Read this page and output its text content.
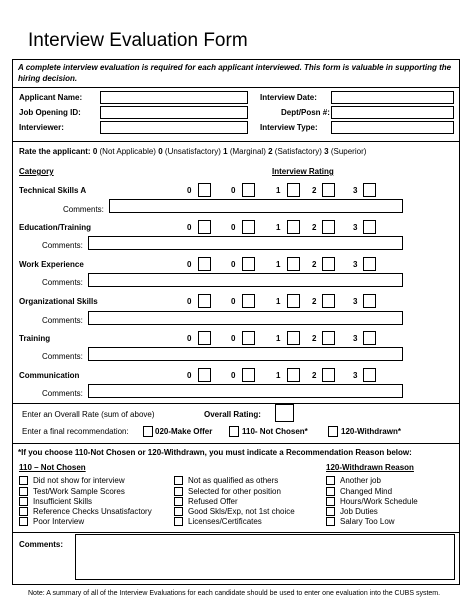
Interview Evaluation Form
A complete interview evaluation is required for each applicant interviewed. This form is valuable in supporting the hiring decision.
Applicant Name:
Job Opening ID:
Interviewer:
Interview Date:
Dept/Posn #:
Interview Type:
Rate the applicant: 0 (Not Applicable) 0 (Unsatisfactory) 1 (Marginal) 2 (Satisfactory) 3 (Superior)
Category	Interview Rating
Technical Skills A	0	0	1	2	3
Comments:
Education/Training	0	0	1	2	3
Comments:
Work Experience	0	0	1	2	3
Comments:
Organizational Skills	0	0	1	2	3
Comments:
Training	0	0	1	2	3
Comments:
Communication	0	0	1	2	3
Comments:
Enter an Overall Rate (sum of above)	Overall Rating:
Enter a final recommendation:	020-Make Offer	110- Not Chosen*	120-Withdrawn*
*If you choose 110-Not Chosen or 120-Withdrawn, you must indicate a Recommendation Reason below:
110 – Not Chosen	120-Withdrawn Reason
Did not show for interview
Test/Work Sample Scores
Insufficient Skills
Reference Checks Unsatisfactory
Poor Interview
Not as qualified as others
Selected for other position
Refused Offer
Good Skls/Exp, not 1st choice
Licenses/Certificates
Another job
Changed Mind
Hours/Work Schedule
Job Duties
Salary Too Low
Comments:
Note: A summary of all of the Interview Evaluations for each candidate should be used to enter one evaluation into the CUBS system.
